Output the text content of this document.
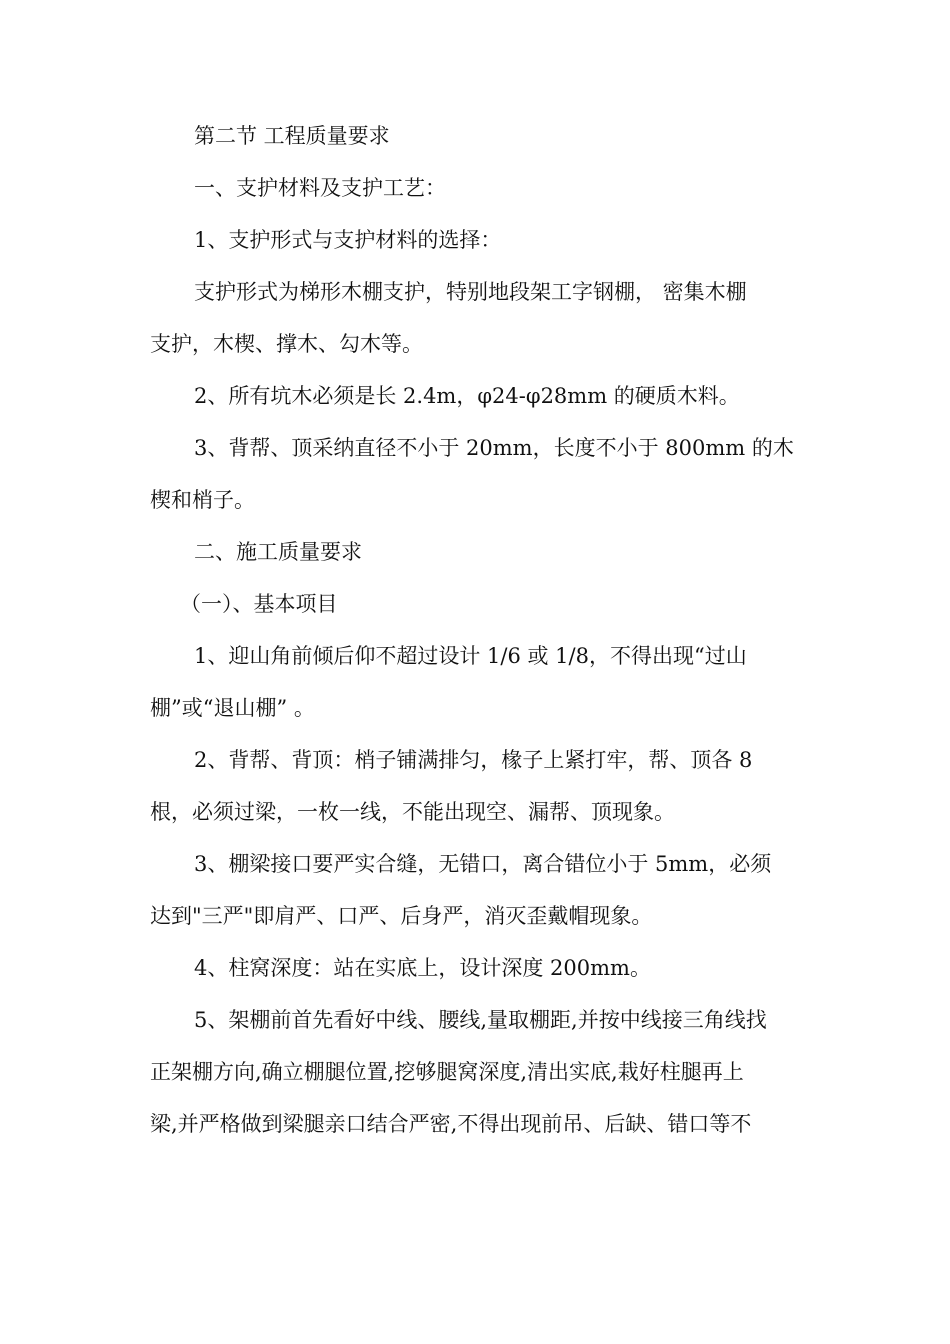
第二节 工程质量要求
一、支护材料及支护工艺：
1、支护形式与支护材料的选择：
支护形式为梯形木棚支护，特别地段架工字钢棚， 密集木棚
支护，木楔、撑木、勾木等。
2、所有坑木必须是长 2.4m，φ24-φ28mm 的硬质木料。
3、背帮、顶采纳直径不小于 20mm，长度不小于 800mm 的木
楔和梢子。
二、施工质量要求
（一）、基本项目
1、迎山角前倾后仰不超过设计 1/6 或 1/8，不得出现“过山
棚”或“退山棚” 。
2、背帮、背顶：梢子铺满排匀，椽子上紧打牢，帮、顶各 8
根，必须过梁，一枚一线，不能出现空、漏帮、顶现象。
3、棚梁接口要严实合缝，无错口，离合错位小于 5mm，必须
达到"三严"即肩严、口严、后身严，消灭歪戴帽现象。
4、柱窝深度：站在实底上，设计深度 200mm。
5、架棚前首先看好中线、腰线,量取棚距,并按中线接三角线找
正架棚方向,确立棚腿位置,挖够腿窝深度,清出实底,栽好柱腿再上
梁,并严格做到梁腿亲口结合严密,不得出现前吊、后缺、错口等不
